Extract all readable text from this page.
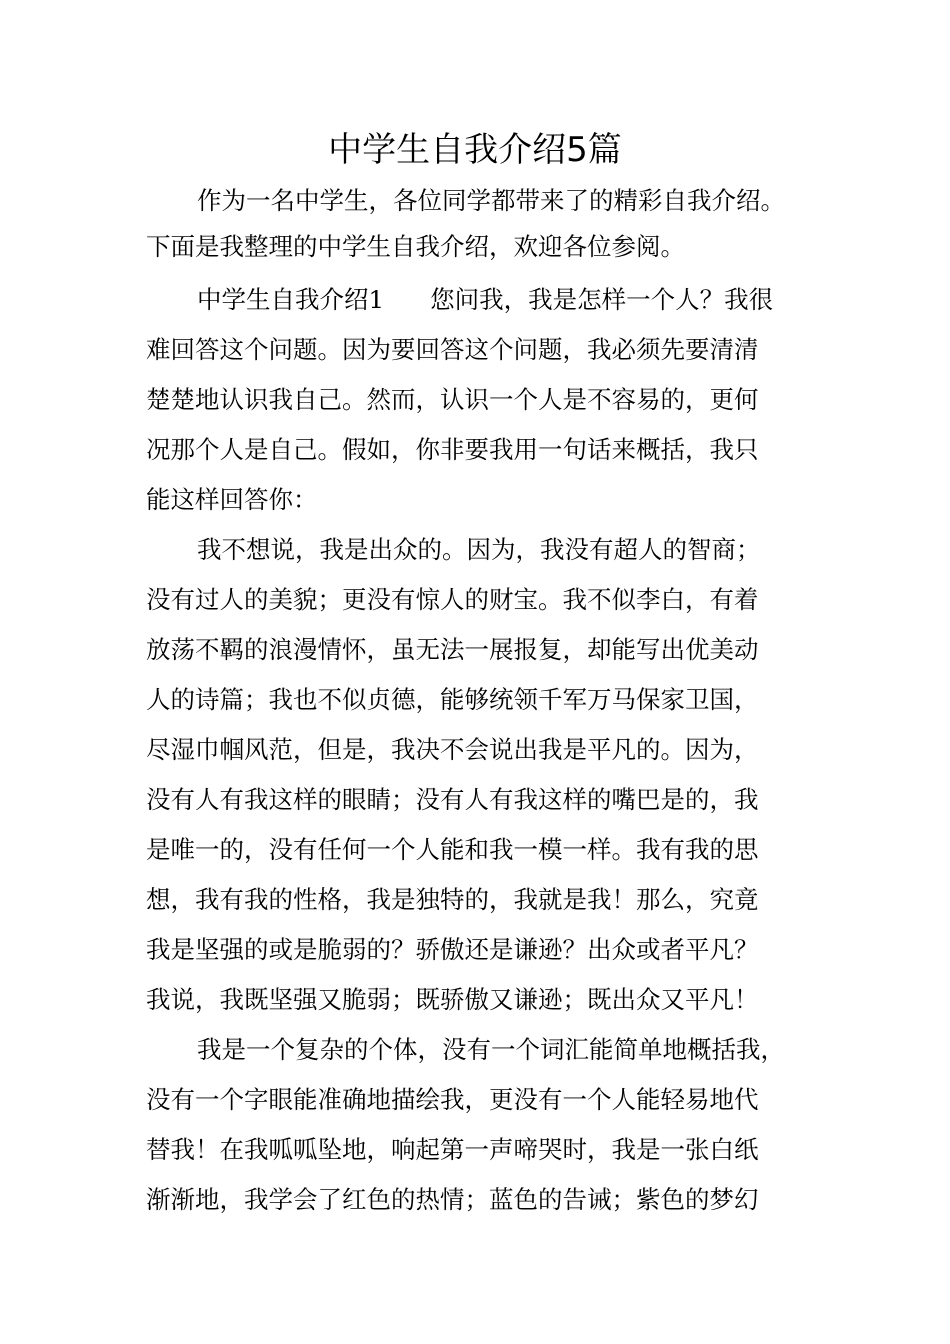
中学生自我介绍5篇
作为一名中学生，各位同学都带来了的精彩自我介绍。
下面是我整理的中学生自我介绍，欢迎各位参阅。
中学生自我介绍1 您问我，我是怎样一个人？我很
难回答这个问题。因为要回答这个问题，我必须先要清清
楚楚地认识我自己。然而，认识一个人是不容易的，更何
况那个人是自己。假如，你非要我用一句话来概括，我只
能这样回答你：
我不想说，我是出众的。因为，我没有超人的智商；
没有过人的美貌；更没有惊人的财宝。我不似李白，有着
放荡不羁的浪漫情怀，虽无法一展报复，却能写出优美动
人的诗篇；我也不似贞德，能够统领千军万马保家卫国，
尽湿巾帼风范，但是，我决不会说出我是平凡的。因为，
没有人有我这样的眼睛；没有人有我这样的嘴巴是的，我
是唯一的，没有任何一个人能和我一模一样。我有我的思
想，我有我的性格，我是独特的，我就是我！那么，究竟
我是坚强的或是脆弱的？骄傲还是谦逊？出众或者平凡？
我说，我既坚强又脆弱；既骄傲又谦逊；既出众又平凡！
我是一个复杂的个体，没有一个词汇能简单地概括我，
没有一个字眼能准确地描绘我，更没有一个人能轻易地代
替我！在我呱呱坠地，响起第一声啼哭时，我是一张白纸
渐渐地，我学会了红色的热情；蓝色的告诫；紫色的梦幻
